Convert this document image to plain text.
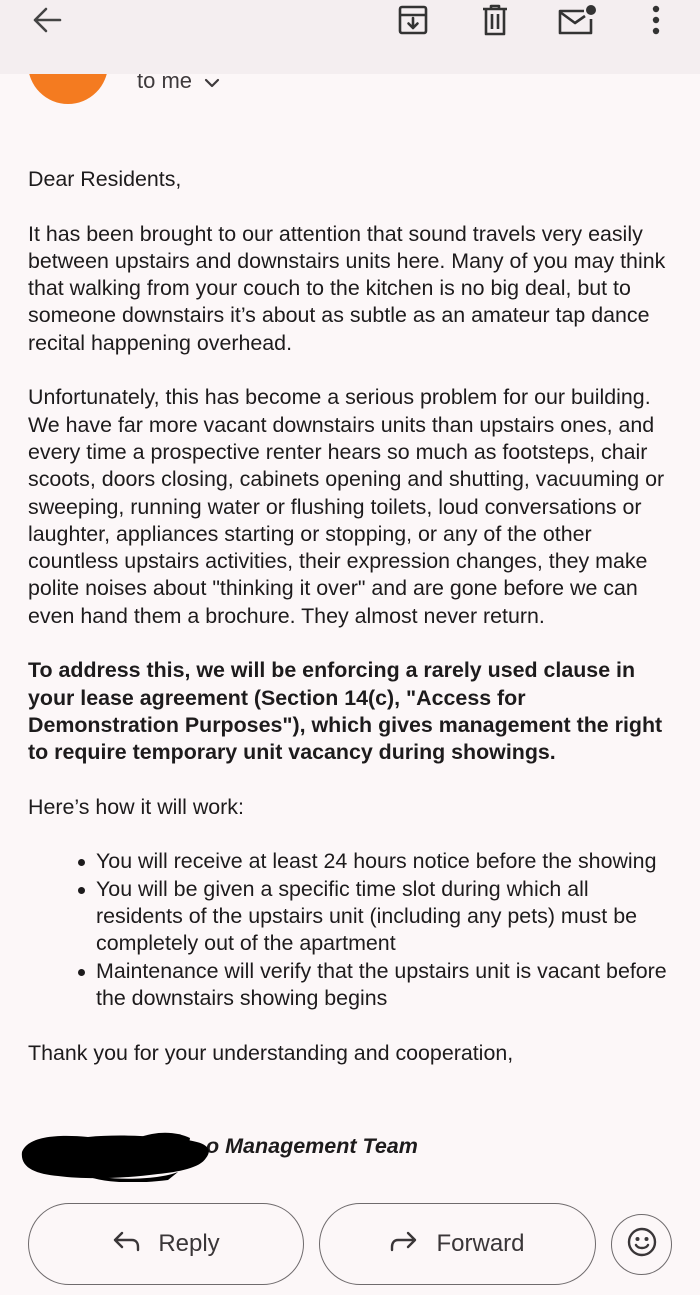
to me

Dear Residents,

It has been brought to our attention that sound travels very easily between upstairs and downstairs units here. Many of you may think that walking from your couch to the kitchen is no big deal, but to someone downstairs it’s about as subtle as an amateur tap dance recital happening overhead.

Unfortunately, this has become a serious problem for our building. We have far more vacant downstairs units than upstairs ones, and every time a prospective renter hears so much as footsteps, chair scoots, doors closing, cabinets opening and shutting, vacuuming or sweeping, running water or flushing toilets, loud conversations or laughter, appliances starting or stopping, or any of the other countless upstairs activities, their expression changes, they make polite noises about "thinking it over" and are gone before we can even hand them a brochure. They almost never return.

To address this, we will be enforcing a rarely used clause in your lease agreement (Section 14(c), "Access for Demonstration Purposes"), which gives management the right to require temporary unit vacancy during showings.

Here’s how it will work:

You will receive at least 24 hours notice before the showing
You will be given a specific time slot during which all residents of the upstairs unit (including any pets) must be completely out of the apartment
Maintenance will verify that the upstairs unit is vacant before the downstairs showing begins

Thank you for your understanding and cooperation,

o Management Team
Reply	Forward
